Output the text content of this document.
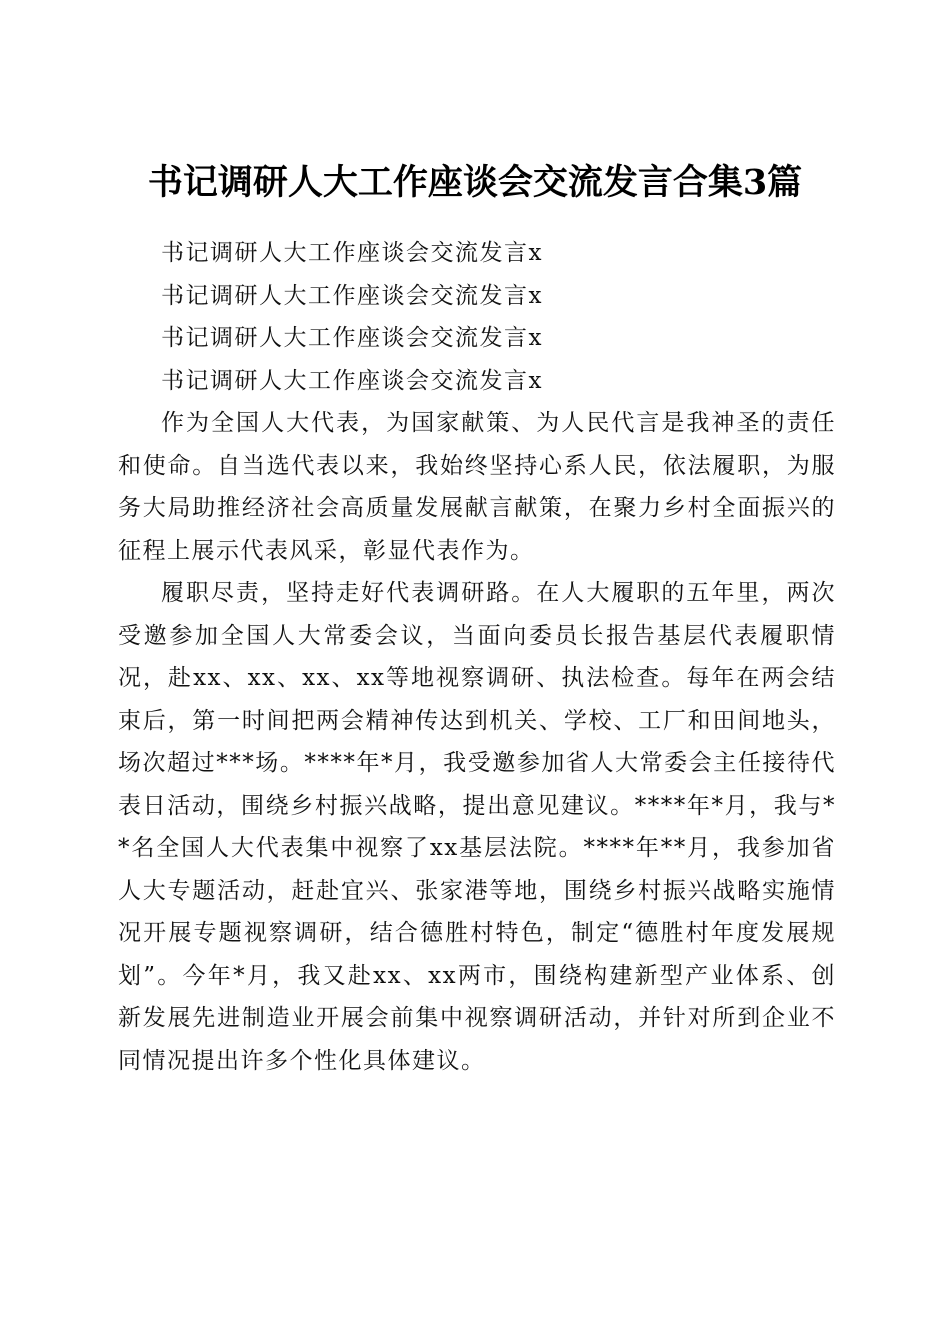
书记调研人大工作座谈会交流发言合集3篇

书记调研人大工作座谈会交流发言x

书记调研人大工作座谈会交流发言x

书记调研人大工作座谈会交流发言x

书记调研人大工作座谈会交流发言x

作为全国人大代表，为国家献策、为人民代言是我神圣的责任和使命。自当选代表以来，我始终坚持心系人民，依法履职，为服务大局助推经济社会高质量发展献言献策，在聚力乡村全面振兴的征程上展示代表风采，彰显代表作为。

履职尽责，坚持走好代表调研路。在人大履职的五年里，两次受邀参加全国人大常委会议，当面向委员长报告基层代表履职情况，赴xx、xx、xx、xx等地视察调研、执法检查。每年在两会结束后，第一时间把两会精神传达到机关、学校、工厂和田间地头，场次超过***场。****年*月，我受邀参加省人大常委会主任接待代表日活动，围绕乡村振兴战略，提出意见建议。****年*月，我与**名全国人大代表集中视察了xx基层法院。****年**月，我参加省人大专题活动，赶赴宜兴、张家港等地，围绕乡村振兴战略实施情况开展专题视察调研，结合德胜村特色，制定“德胜村年度发展规划”。今年*月，我又赴xx、xx两市，围绕构建新型产业体系、创新发展先进制造业开展会前集中视察调研活动，并针对所到企业不同情况提出许多个性化具体建议。
